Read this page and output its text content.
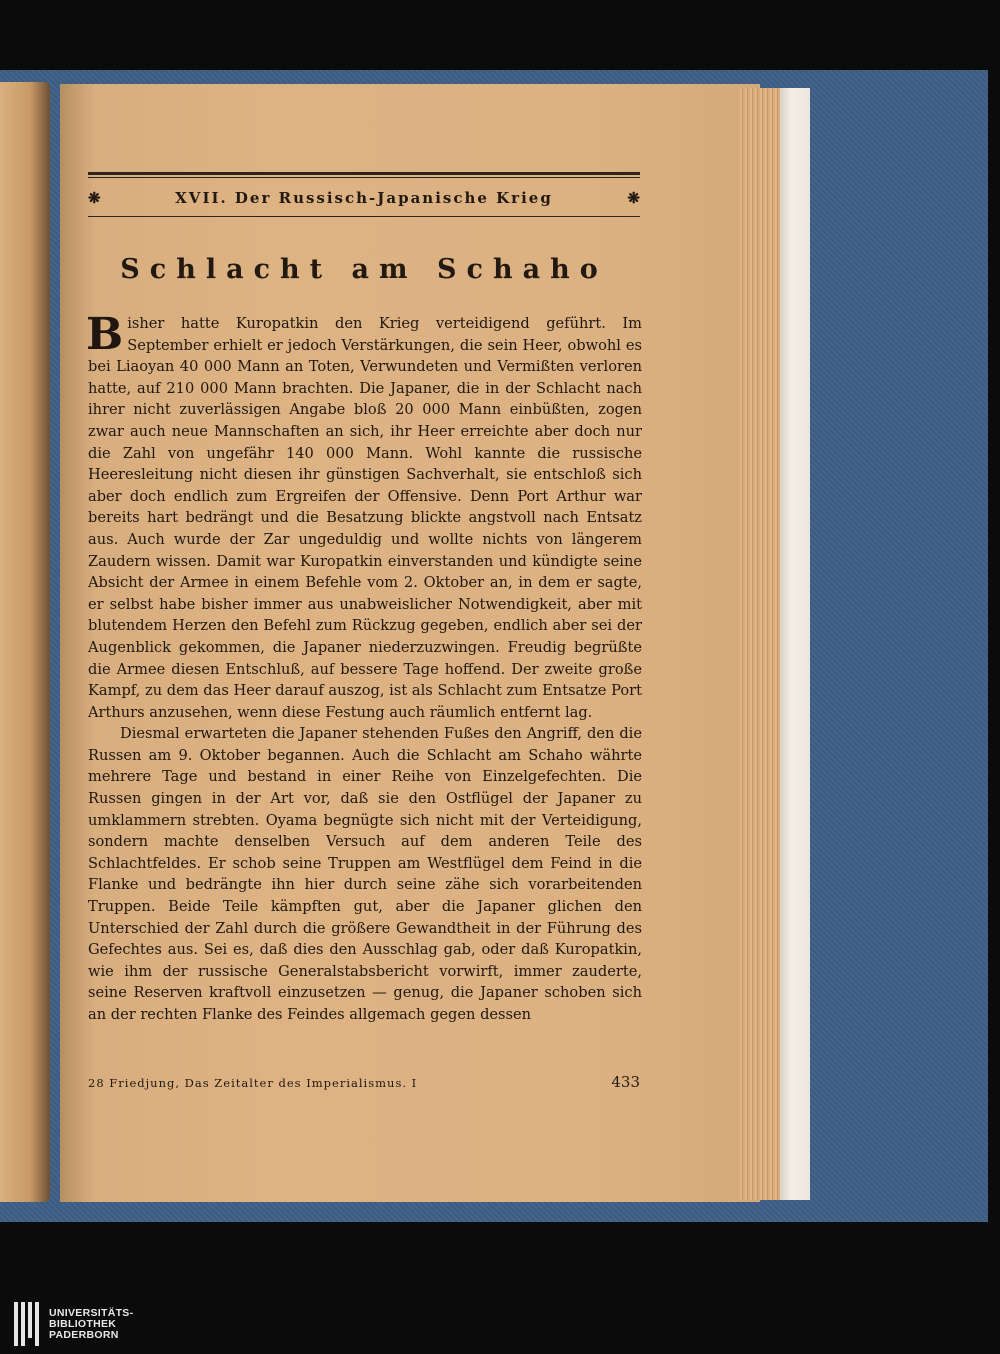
❋	XVII. Der Russisch-Japanische Krieg	❋
Schlacht am Schaho

Bisher hatte Kuropatkin den Krieg verteidigend geführt. Im September erhielt er jedoch Verstärkungen, die sein Heer, obwohl es bei Liaoyan 40 000 Mann an Toten, Verwundeten und Vermißten verloren hatte, auf 210 000 Mann brachten. Die Japaner, die in der Schlacht nach ihrer nicht zuverlässigen Angabe bloß 20 000 Mann einbüßten, zogen zwar auch neue Mannschaften an sich, ihr Heer erreichte aber doch nur die Zahl von ungefähr 140 000 Mann. Wohl kannte die russische Heeresleitung nicht diesen ihr günstigen Sachverhalt, sie entschloß sich aber doch endlich zum Ergreifen der Offensive. Denn Port Arthur war bereits hart bedrängt und die Besatzung blickte angstvoll nach Entsatz aus. Auch wurde der Zar ungeduldig und wollte nichts von längerem Zaudern wissen. Damit war Kuropatkin einverstanden und kündigte seine Absicht der Armee in einem Befehle vom 2. Oktober an, in dem er sagte, er selbst habe bisher immer aus unabweislicher Notwendigkeit, aber mit blutendem Herzen den Befehl zum Rückzug gegeben, endlich aber sei der Augenblick gekommen, die Japaner niederzuzwingen. Freudig begrüßte die Armee diesen Entschluß, auf bessere Tage hoffend. Der zweite große Kampf, zu dem das Heer darauf auszog, ist als Schlacht zum Entsatze Port Arthurs anzusehen, wenn diese Festung auch räumlich entfernt lag.

Diesmal erwarteten die Japaner stehenden Fußes den Angriff, den die Russen am 9. Oktober begannen. Auch die Schlacht am Schaho währte mehrere Tage und bestand in einer Reihe von Einzelgefechten. Die Russen gingen in der Art vor, daß sie den Ostflügel der Japaner zu umklammern strebten. Oyama begnügte sich nicht mit der Verteidigung, sondern machte denselben Versuch auf dem anderen Teile des Schlachtfeldes. Er schob seine Truppen am Westflügel dem Feind in die Flanke und bedrängte ihn hier durch seine zähe sich vorarbeitenden Truppen. Beide Teile kämpften gut, aber die Japaner glichen den Unterschied der Zahl durch die größere Gewandtheit in der Führung des Gefechtes aus. Sei es, daß dies den Ausschlag gab, oder daß Kuropatkin, wie ihm der russische Generalstabsbericht vorwirft, immer zauderte, seine Reserven kraftvoll einzusetzen — genug, die Japaner schoben sich an der rechten Flanke des Feindes allgemach gegen dessen

28 Friedjung, Das Zeitalter des Imperialismus. I	433
UNIVERSITÄTS-
BIBLIOTHEK
PADERBORN
